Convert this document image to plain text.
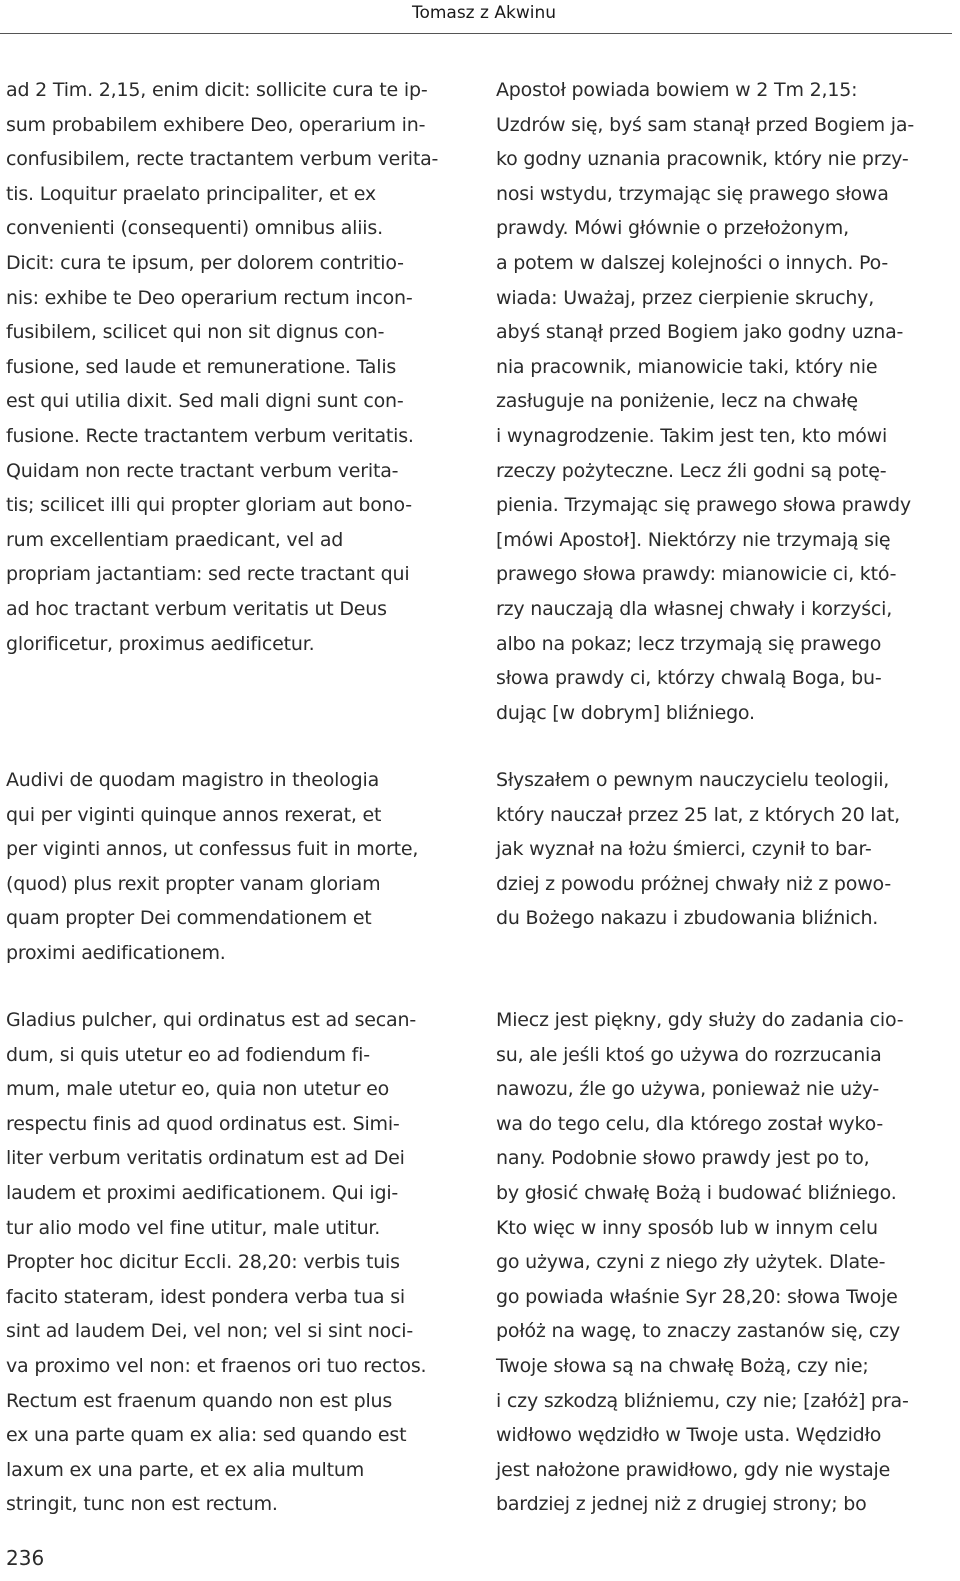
Tomasz z Akwinu

ad 2 Tim. 2,15, enim dicit: sollicite cura te ip-

sum probabilem exhibere Deo, operarium in-

confusibilem, recte tractantem verbum verita-

tis. Loquitur praelato principaliter, et ex

convenienti (consequenti) omnibus aliis.

Dicit: cura te ipsum, per dolorem contritio-

nis: exhibe te Deo operarium rectum incon-

fusibilem, scilicet qui non sit dignus con-

fusione, sed laude et remuneratione. Talis

est qui utilia dixit. Sed mali digni sunt con-

fusione. Recte tractantem verbum veritatis.

Quidam non recte tractant verbum verita-

tis; scilicet illi qui propter gloriam aut bono-

rum excellentiam praedicant, vel ad

propriam jactantiam: sed recte tractant qui

ad hoc tractant verbum veritatis ut Deus

glorificetur, proximus aedificetur.

Apostoł powiada bowiem w 2 Tm 2,15:

Uzdrów się, byś sam stanął przed Bogiem ja-

ko godny uznania pracownik, który nie przy-

nosi wstydu, trzymając się prawego słowa

prawdy. Mówi głównie o przełożonym,

a potem w dalszej kolejności o innych. Po-

wiada: Uważaj, przez cierpienie skruchy,

abyś stanął przed Bogiem jako godny uzna-

nia pracownik, mianowicie taki, który nie

zasługuje na poniżenie, lecz na chwałę

i wynagrodzenie. Takim jest ten, kto mówi

rzeczy pożyteczne. Lecz źli godni są potę-

pienia. Trzymając się prawego słowa prawdy

[mówi Apostoł]. Niektórzy nie trzymają się

prawego słowa prawdy: mianowicie ci, któ-

rzy nauczają dla własnej chwały i korzyści,

albo na pokaz; lecz trzymają się prawego

słowa prawdy ci, którzy chwalą Boga, bu-

dując [w dobrym] bliźniego.

Audivi de quodam magistro in theologia

qui per viginti quinque annos rexerat, et

per viginti annos, ut confessus fuit in morte,

(quod) plus rexit propter vanam gloriam

quam propter Dei commendationem et

proximi aedificationem.

Słyszałem o pewnym nauczycielu teologii,

który nauczał przez 25 lat, z których 20 lat,

jak wyznał na łożu śmierci, czynił to bar-

dziej z powodu próżnej chwały niż z powo-

du Bożego nakazu i zbudowania bliźnich.

Gladius pulcher, qui ordinatus est ad secan-

dum, si quis utetur eo ad fodiendum fi-

mum, male utetur eo, quia non utetur eo

respectu finis ad quod ordinatus est. Simi-

liter verbum veritatis ordinatum est ad Dei

laudem et proximi aedificationem. Qui igi-

tur alio modo vel fine utitur, male utitur.

Propter hoc dicitur Eccli. 28,20: verbis tuis

facito stateram, idest pondera verba tua si

sint ad laudem Dei, vel non; vel si sint noci-

va proximo vel non: et fraenos ori tuo rectos.

Rectum est fraenum quando non est plus

ex una parte quam ex alia: sed quando est

laxum ex una parte, et ex alia multum

stringit, tunc non est rectum.

Miecz jest piękny, gdy służy do zadania cio-

su, ale jeśli ktoś go używa do rozrzucania

nawozu, źle go używa, ponieważ nie uży-

wa do tego celu, dla którego został wyko-

nany. Podobnie słowo prawdy jest po to,

by głosić chwałę Bożą i budować bliźniego.

Kto więc w inny sposób lub w innym celu

go używa, czyni z niego zły użytek. Dlate-

go powiada właśnie Syr 28,20: słowa Twoje

połóż na wagę, to znaczy zastanów się, czy

Twoje słowa są na chwałę Bożą, czy nie;

i czy szkodzą bliźniemu, czy nie; [załóż] pra-

widłowo wędzidło w Twoje usta. Wędzidło

jest nałożone prawidłowo, gdy nie wystaje

bardziej z jednej niż z drugiej strony; bo

236
